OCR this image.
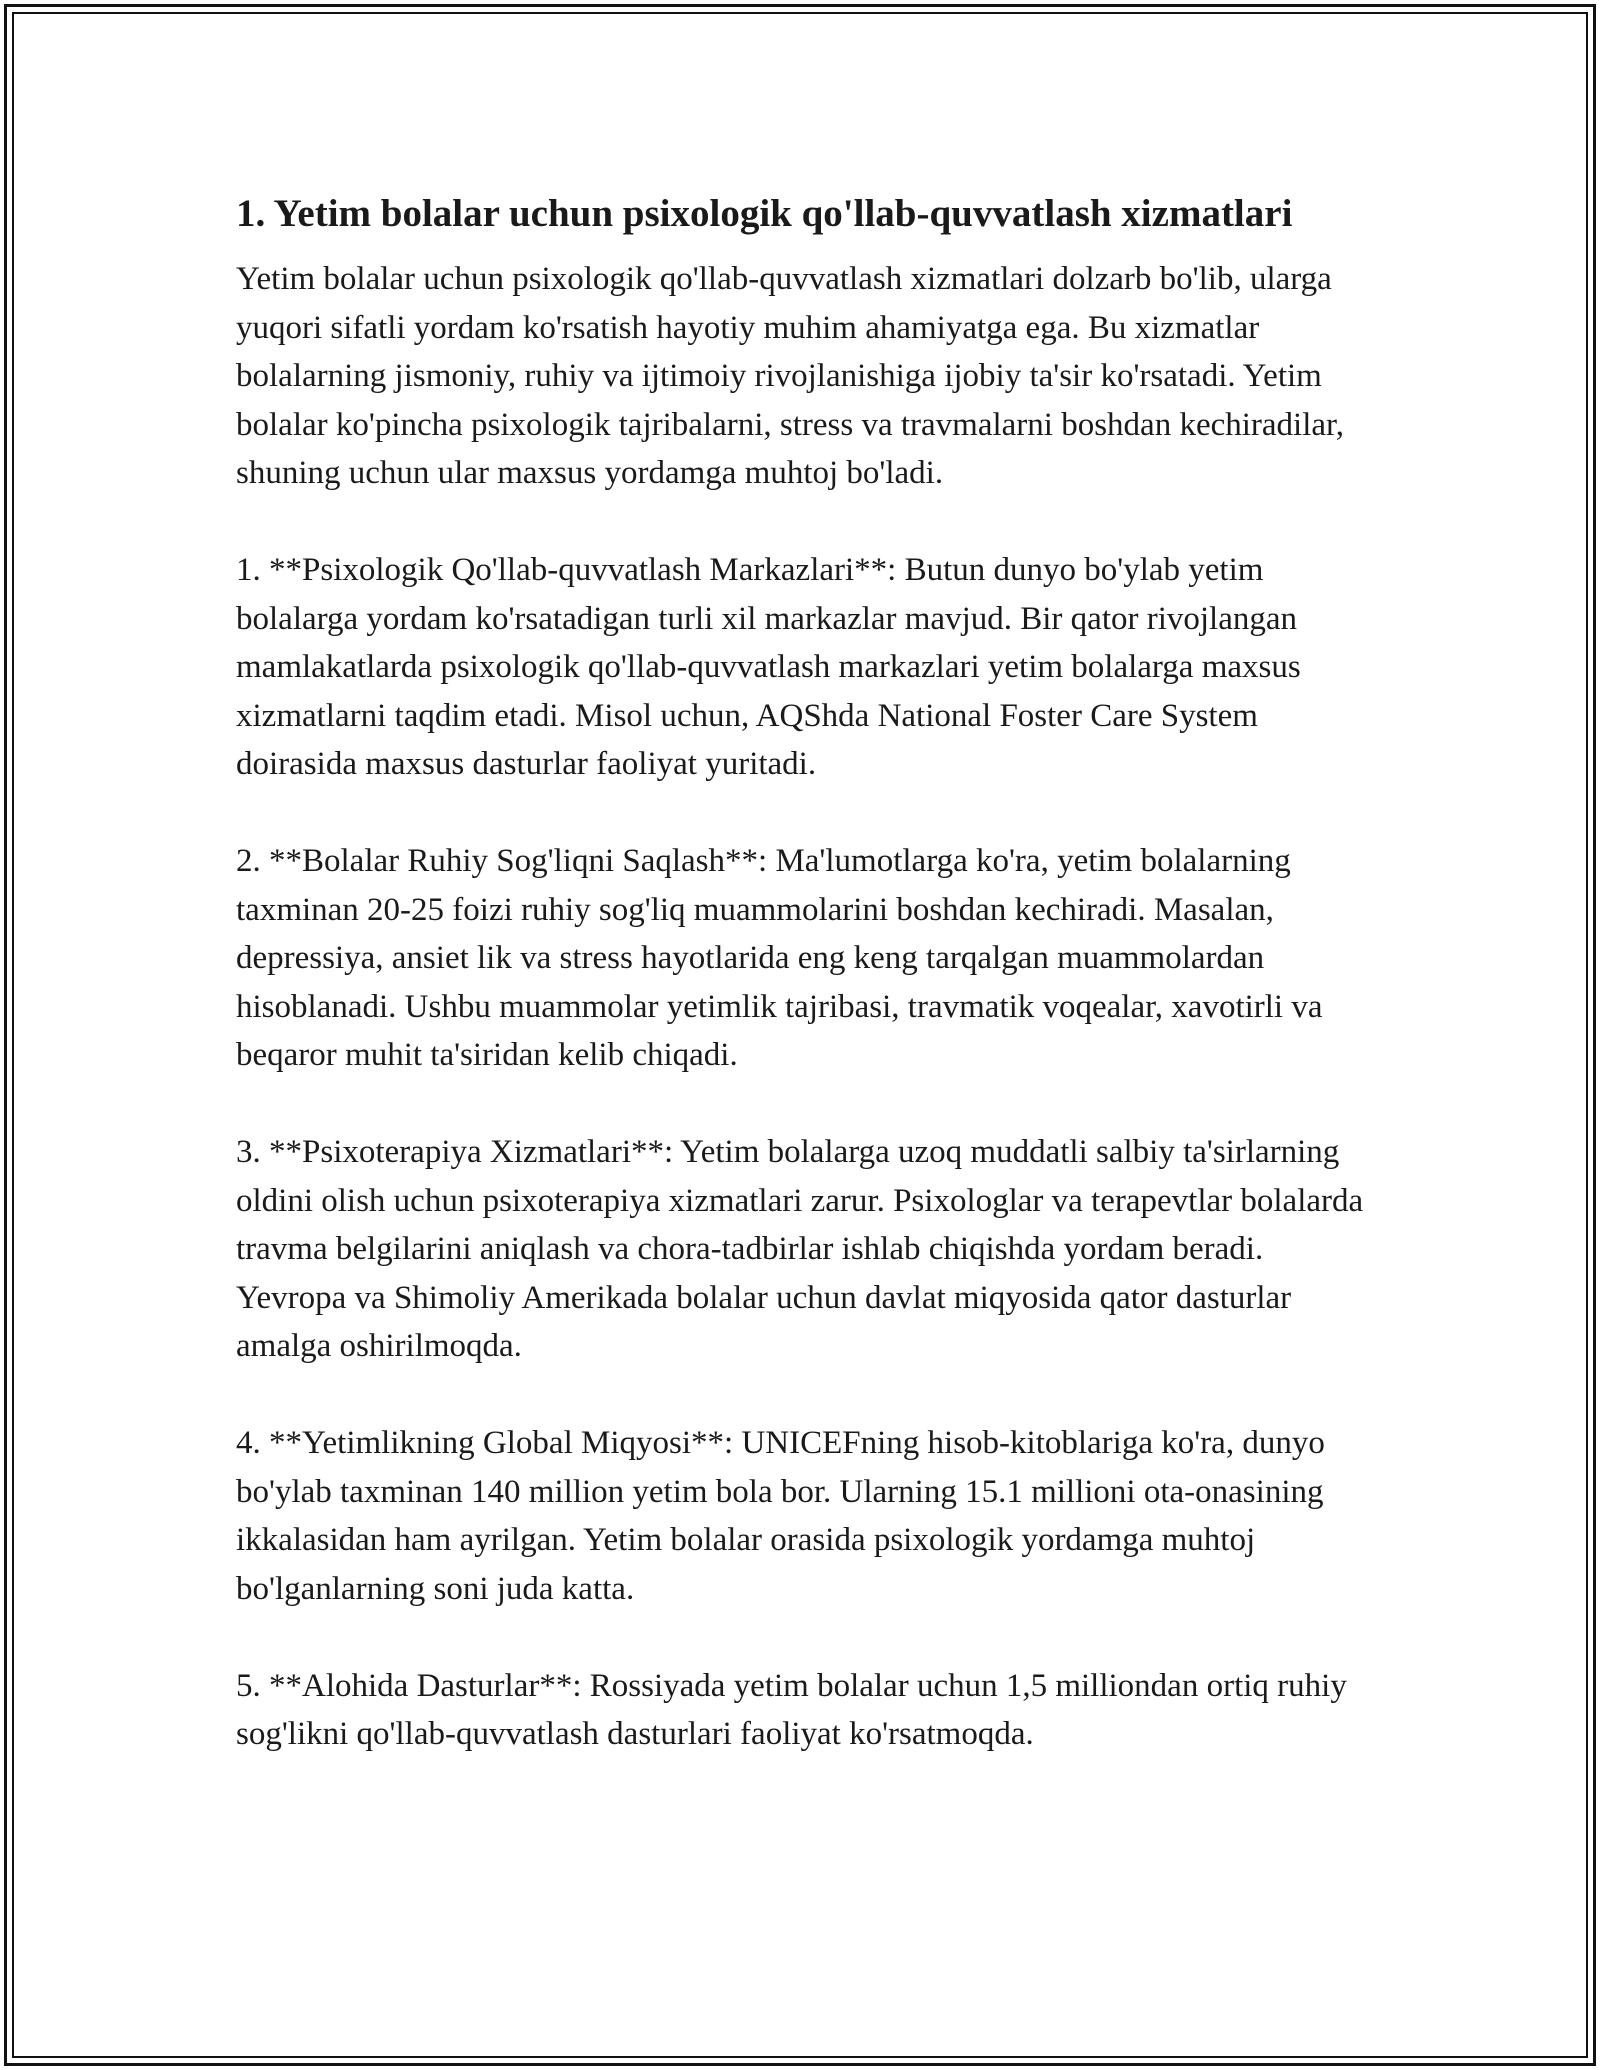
1. Yetim bolalar uchun psixologik qo'llab-quvvatlash xizmatlari

Yetim bolalar uchun psixologik qo'llab-quvvatlash xizmatlari dolzarb bo'lib, ularga yuqori sifatli yordam ko'rsatish hayotiy muhim ahamiyatga ega. Bu xizmatlar bolalarning jismoniy, ruhiy va ijtimoiy rivojlanishiga ijobiy ta'sir ko'rsatadi. Yetim bolalar ko'pincha psixologik tajribalarni, stress va travmalarni boshdan kechiradilar, shuning uchun ular maxsus yordamga muhtoj bo'ladi.

1. **Psixologik Qo'llab-quvvatlash Markazlari**: Butun dunyo bo'ylab yetim bolalarga yordam ko'rsatadigan turli xil markazlar mavjud. Bir qator rivojlangan mamlakatlarda psixologik qo'llab-quvvatlash markazlari yetim bolalarga maxsus xizmatlarni taqdim etadi. Misol uchun, AQShda National Foster Care System doirasida maxsus dasturlar faoliyat yuritadi.

2. **Bolalar Ruhiy Sog'liqni Saqlash**: Ma'lumotlarga ko'ra, yetim bolalarning taxminan 20-25 foizi ruhiy sog'liq muammolarini boshdan kechiradi. Masalan, depressiya, ansiet lik va stress hayotlarida eng keng tarqalgan muammolardan hisoblanadi. Ushbu muammolar yetimlik tajribasi, travmatik voqealar, xavotirli va beqaror muhit ta'siridan kelib chiqadi.

3. **Psixoterapiya Xizmatlari**: Yetim bolalarga uzoq muddatli salbiy ta'sirlarning oldini olish uchun psixoterapiya xizmatlari zarur. Psixologlar va terapevtlar bolalarda travma belgilarini aniqlash va chora-tadbirlar ishlab chiqishda yordam beradi. Yevropa va Shimoliy Amerikada bolalar uchun davlat miqyosida qator dasturlar amalga oshirilmoqda.

4. **Yetimlikning Global Miqyosi**: UNICEFning hisob-kitoblariga ko'ra, dunyo bo'ylab taxminan 140 million yetim bola bor. Ularning 15.1 millioni ota-onasining ikkalasidan ham ayrilgan. Yetim bolalar orasida psixologik yordamga muhtoj bo'lganlarning soni juda katta.

5. **Alohida Dasturlar**: Rossiyada yetim bolalar uchun 1,5 milliondan ortiq ruhiy sog'likni qo'llab-quvvatlash dasturlari faoliyat ko'rsatmoqda.
